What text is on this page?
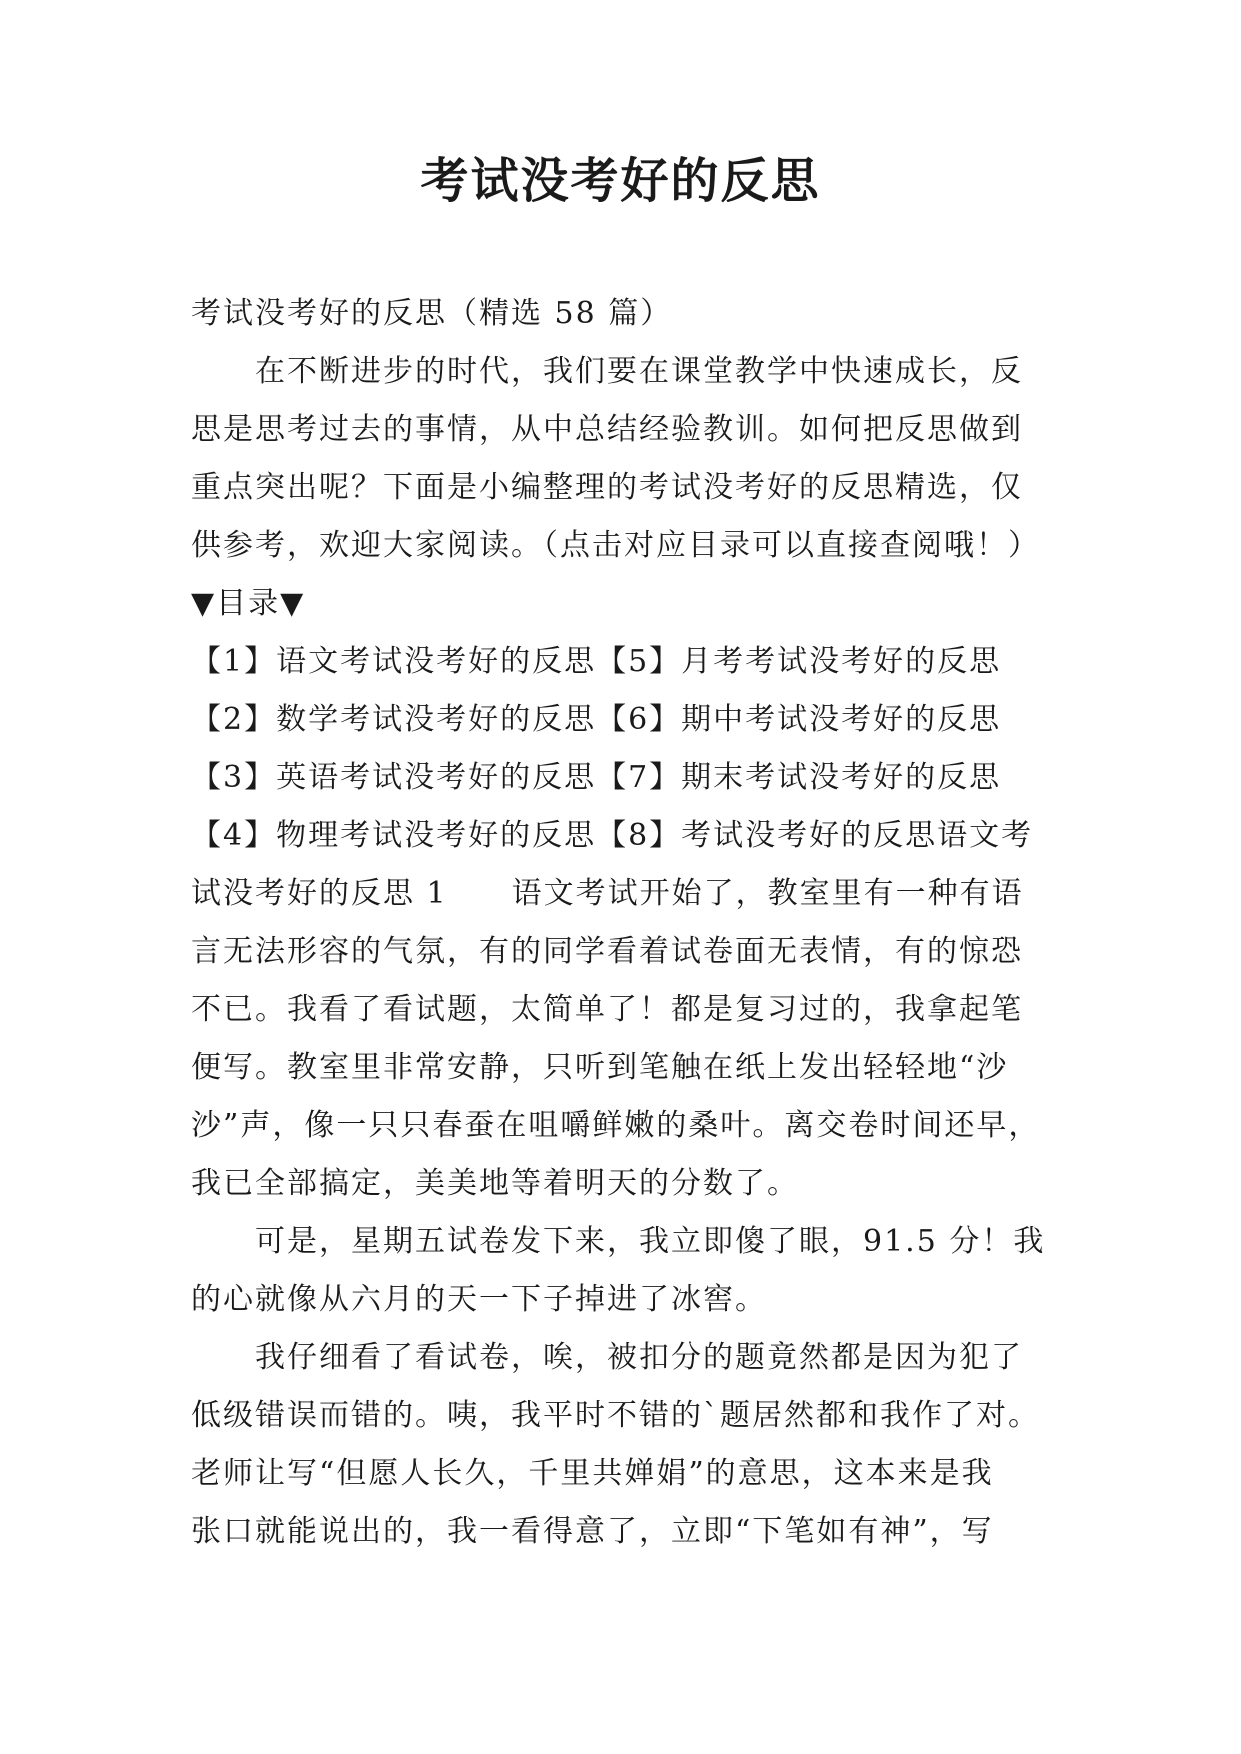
考试没考好的反思
考试没考好的反思（精选 58 篇）
在不断进步的时代，我们要在课堂教学中快速成长，反
思是思考过去的事情，从中总结经验教训。如何把反思做到
重点突出呢？下面是小编整理的考试没考好的反思精选，仅
供参考，欢迎大家阅读。（点击对应目录可以直接查阅哦！）
▼目录▼
【1】语文考试没考好的反思【5】月考考试没考好的反思
【2】数学考试没考好的反思【6】期中考试没考好的反思
【3】英语考试没考好的反思【7】期末考试没考好的反思
【4】物理考试没考好的反思【8】考试没考好的反思语文考
试没考好的反思 1　　语文考试开始了，教室里有一种有语
言无法形容的气氛，有的同学看着试卷面无表情，有的惊恐
不已。我看了看试题，太简单了！都是复习过的，我拿起笔
便写。教室里非常安静，只听到笔触在纸上发出轻轻地“沙
沙”声，像一只只春蚕在咀嚼鲜嫩的桑叶。离交卷时间还早，
我已全部搞定，美美地等着明天的分数了。
可是，星期五试卷发下来，我立即傻了眼，91.5 分！我
的心就像从六月的天一下子掉进了冰窖。
我仔细看了看试卷，唉，被扣分的题竟然都是因为犯了
低级错误而错的。咦，我平时不错的`题居然都和我作了对。
老师让写“但愿人长久，千里共婵娟”的意思，这本来是我
张口就能说出的，我一看得意了，立即“下笔如有神”，写
